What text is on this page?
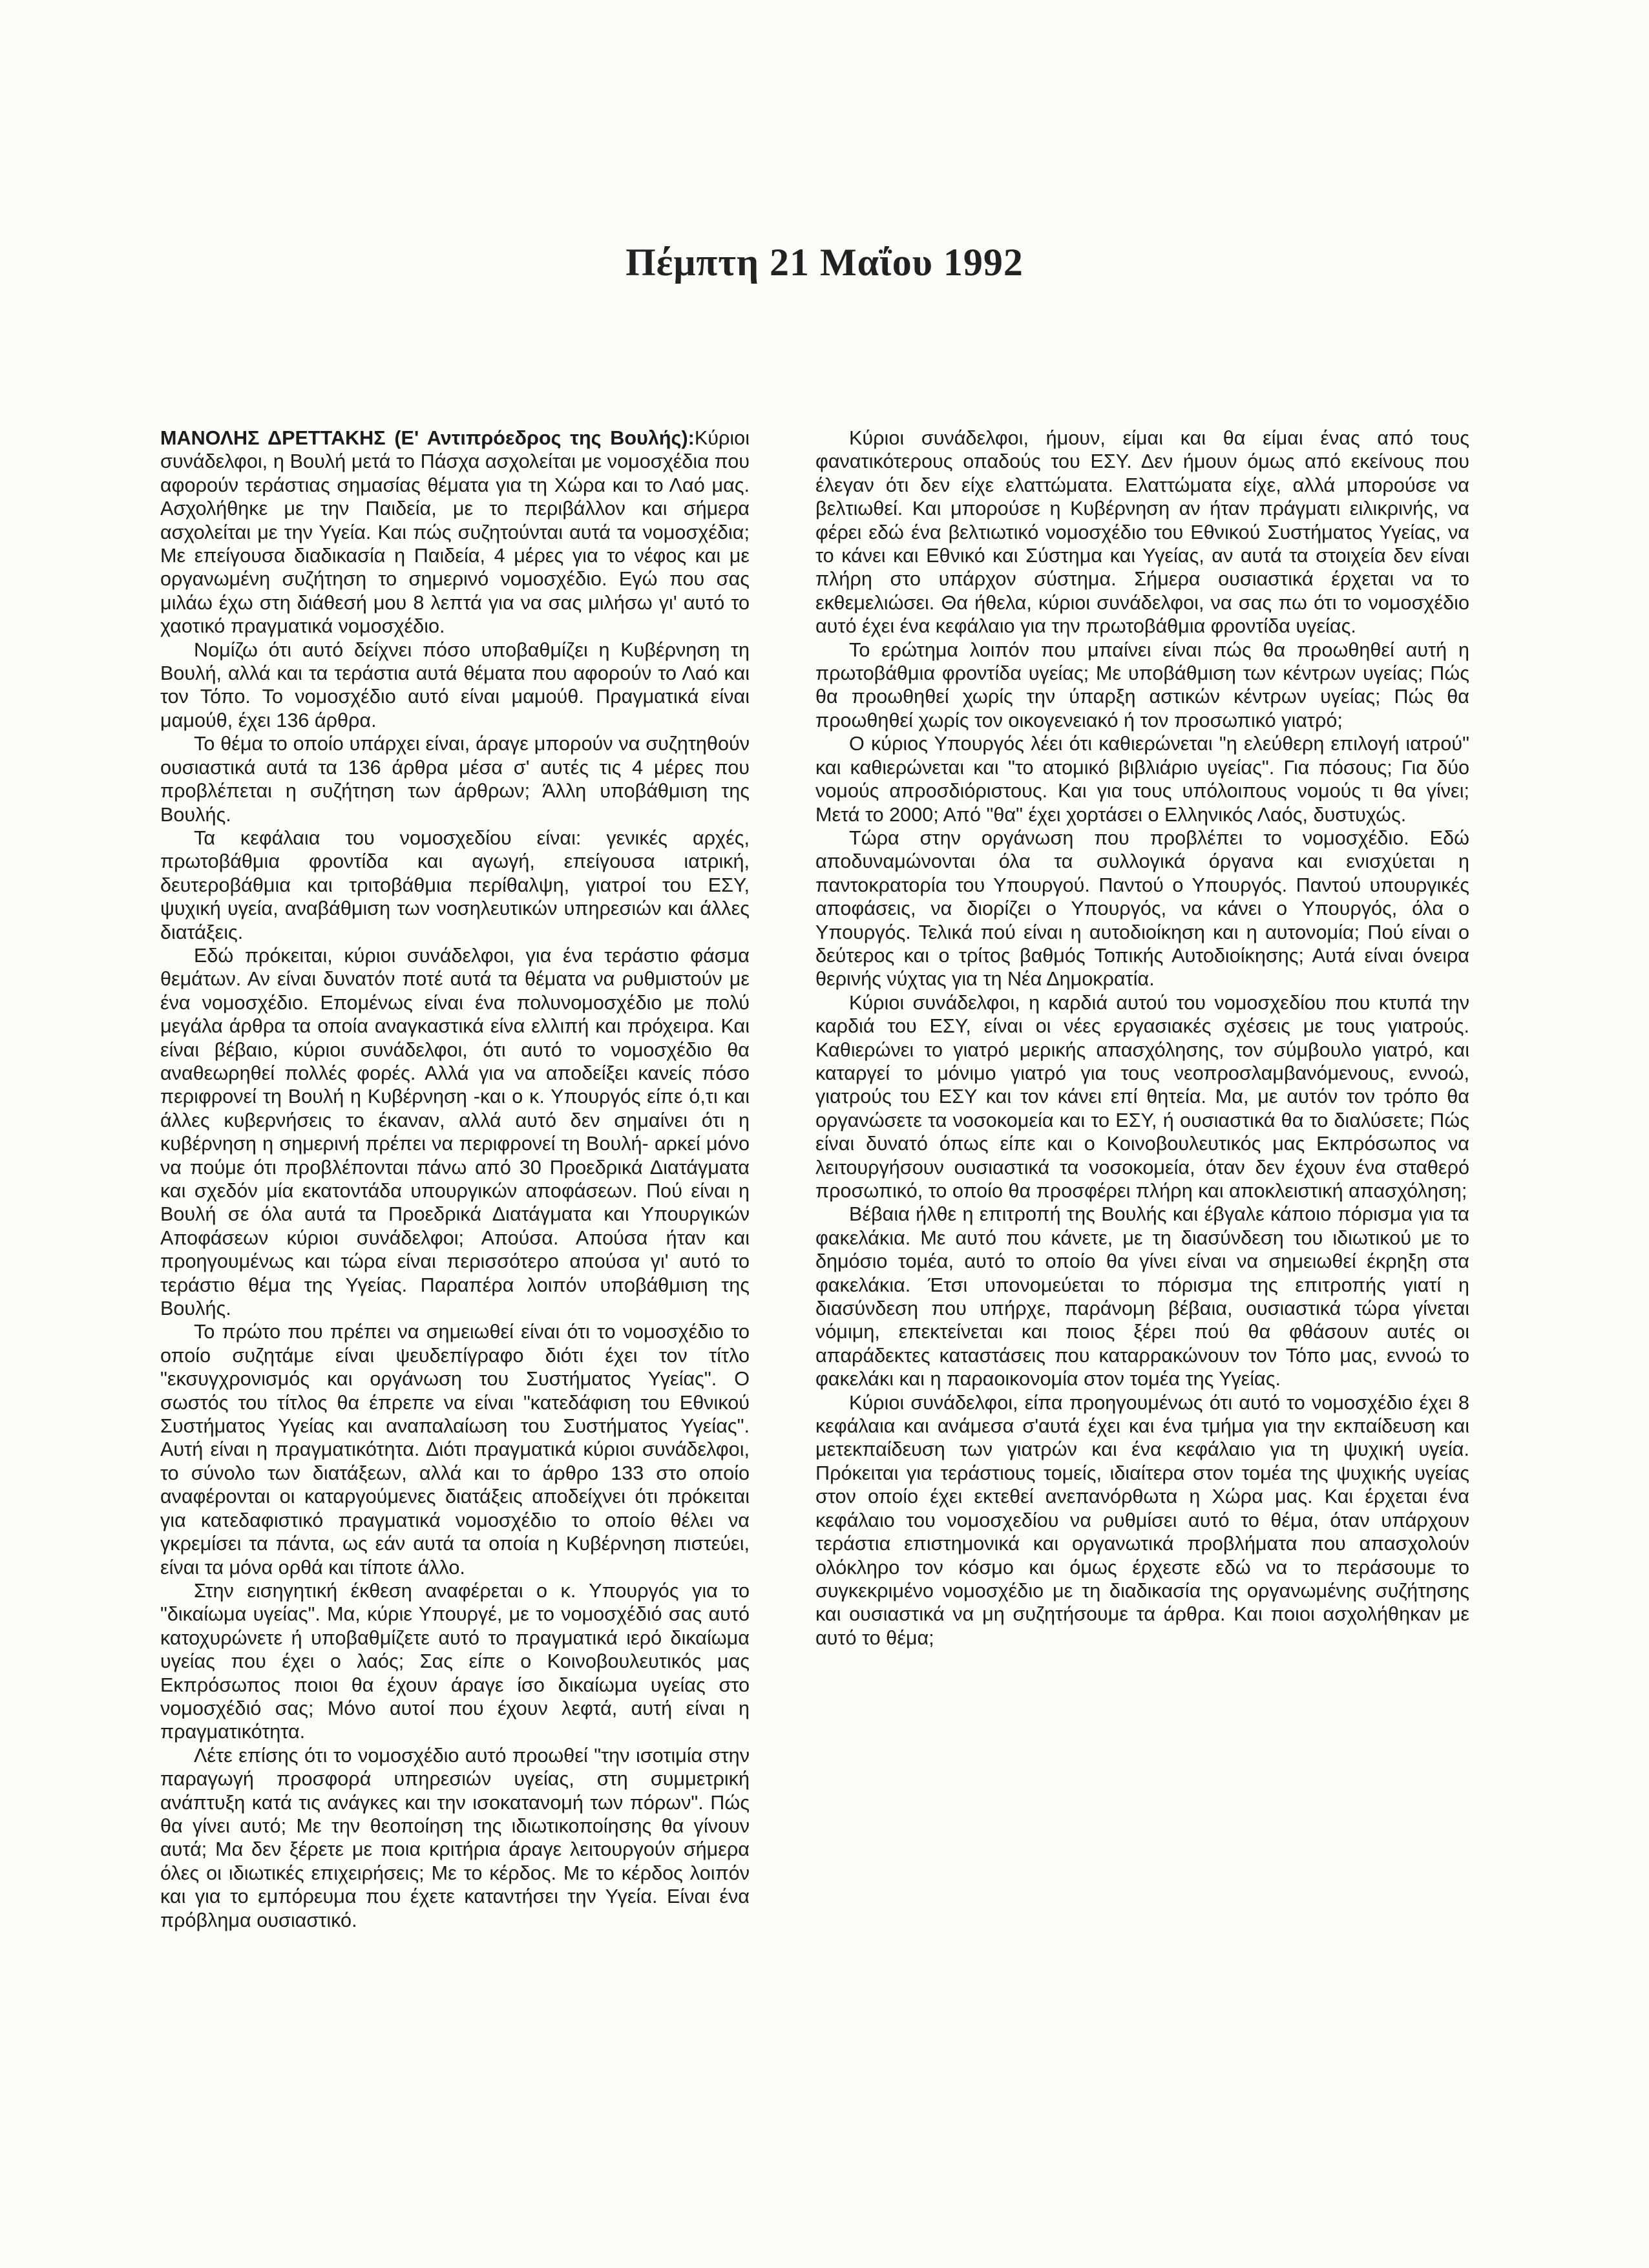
Πέμπτη 21 Μαΐου 1992

ΜΑΝΟΛΗΣ ΔΡΕΤΤΑΚΗΣ (Ε' Αντιπρόεδρος της Βουλής):Κύριοι συνάδελφοι, η Βουλή μετά το Πάσχα ασχολείται με νομοσχέδια που αφορούν τεράστιας σημασίας θέματα για τη Χώρα και το Λαό μας. Ασχολήθηκε με την Παιδεία, με το περιβάλλον και σήμερα ασχολείται με την Υγεία. Και πώς συζητούνται αυτά τα νομοσχέδια; Με επείγουσα διαδικασία η Παιδεία, 4 μέρες για το νέφος και με οργανωμένη συζήτηση το σημερινό νομοσχέδιο. Εγώ που σας μιλάω έχω στη διάθεσή μου 8 λεπτά για να σας μιλήσω γι' αυτό το χαοτικό πραγματικά νομοσχέδιο.

Νομίζω ότι αυτό δείχνει πόσο υποβαθμίζει η Κυβέρνηση τη Βουλή, αλλά και τα τεράστια αυτά θέματα που αφορούν το Λαό και τον Τόπο. Το νομοσχέδιο αυτό είναι μαμούθ. Πραγματικά είναι μαμούθ, έχει 136 άρθρα.

Το θέμα το οποίο υπάρχει είναι, άραγε μπορούν να συζητηθούν ουσιαστικά αυτά τα 136 άρθρα μέσα σ' αυτές τις 4 μέρες που προβλέπεται η συζήτηση των άρθρων; Άλλη υποβάθμιση της Βουλής.

Τα κεφάλαια του νομοσχεδίου είναι: γενικές αρχές, πρωτοβάθμια φροντίδα και αγωγή, επείγουσα ιατρική, δευτεροβάθμια και τριτοβάθμια περίθαλψη, γιατροί του ΕΣΥ, ψυχική υγεία, αναβάθμιση των νοσηλευτικών υπηρεσιών και άλλες διατάξεις.

Εδώ πρόκειται, κύριοι συνάδελφοι, για ένα τεράστιο φάσμα θεμάτων. Αν είναι δυνατόν ποτέ αυτά τα θέματα να ρυθμιστούν με ένα νομοσχέδιο. Επομένως είναι ένα πολυνομοσχέδιο με πολύ μεγάλα άρθρα τα οποία αναγκαστικά είνα ελλιπή και πρόχειρα. Και είναι βέβαιο, κύριοι συνάδελφοι, ότι αυτό το νομοσχέδιο θα αναθεωρηθεί πολλές φορές. Αλλά για να αποδείξει κανείς πόσο περιφρονεί τη Βουλή η Κυβέρνηση -και ο κ. Υπουργός είπε ό,τι και άλλες κυβερνήσεις το έκαναν, αλλά αυτό δεν σημαίνει ότι η κυβέρνηση η σημερινή πρέπει να περιφρονεί τη Βουλή- αρκεί μόνο να πούμε ότι προβλέπονται πάνω από 30 Προεδρικά Διατάγματα και σχεδόν μία εκατοντάδα υπουργικών αποφάσεων. Πού είναι η Βουλή σε όλα αυτά τα Προεδρικά Διατάγματα και Υπουργικών Αποφάσεων κύριοι συνάδελφοι; Απούσα. Απούσα ήταν και προηγουμένως και τώρα είναι περισσότερο απούσα γι' αυτό το τεράστιο θέμα της Υγείας. Παραπέρα λοιπόν υποβάθμιση της Βουλής.

Το πρώτο που πρέπει να σημειωθεί είναι ότι το νομοσχέδιο το οποίο συζητάμε είναι ψευδεπίγραφο διότι έχει τον τίτλο "εκσυγχρονισμός και οργάνωση του Συστήματος Υγείας". Ο σωστός του τίτλος θα έπρεπε να είναι "κατεδάφιση του Εθνικού Συστήματος Υγείας και αναπαλαίωση του Συστήματος Υγείας". Αυτή είναι η πραγματικότητα. Διότι πραγματικά κύριοι συνάδελφοι, το σύνολο των διατάξεων, αλλά και το άρθρο 133 στο οποίο αναφέρονται οι καταργούμενες διατάξεις αποδείχνει ότι πρόκειται για κατεδαφιστικό πραγματικά νομοσχέδιο το οποίο θέλει να γκρεμίσει τα πάντα, ως εάν αυτά τα οποία η Κυβέρνηση πιστεύει, είναι τα μόνα ορθά και τίποτε άλλο.

Στην εισηγητική έκθεση αναφέρεται ο κ. Υπουργός για το "δικαίωμα υγείας". Μα, κύριε Υπουργέ, με το νομοσχέδιό σας αυτό κατοχυρώνετε ή υποβαθμίζετε αυτό το πραγματικά ιερό δικαίωμα υγείας που έχει ο λαός; Σας είπε ο Κοινοβουλευτικός μας Εκπρόσωπος ποιοι θα έχουν άραγε ίσο δικαίωμα υγείας στο νομοσχέδιό σας; Μόνο αυτοί που έχουν λεφτά, αυτή είναι η πραγματικότητα.

Λέτε επίσης ότι το νομοσχέδιο αυτό προωθεί "την ισοτιμία στην παραγωγή προσφορά υπηρεσιών υγείας, στη συμμετρική ανάπτυξη κατά τις ανάγκες και την ισοκατανομή των πόρων". Πώς θα γίνει αυτό; Με την θεοποίηση της ιδιωτικοποίησης θα γίνουν αυτά; Μα δεν ξέρετε με ποια κριτήρια άραγε λειτουργούν σήμερα όλες οι ιδιωτικές επιχειρήσεις; Με το κέρδος. Με το κέρδος λοιπόν και για το εμπόρευμα που έχετε καταντήσει την Υγεία. Είναι ένα πρόβλημα ουσιαστικό.

Κύριοι συνάδελφοι, ήμουν, είμαι και θα είμαι ένας από τους φανατικότερους οπαδούς του ΕΣΥ. Δεν ήμουν όμως από εκείνους που έλεγαν ότι δεν είχε ελαττώματα. Ελαττώματα είχε, αλλά μπορούσε να βελτιωθεί. Και μπορούσε η Κυβέρνηση αν ήταν πράγματι ειλικρινής, να φέρει εδώ ένα βελτιωτικό νομοσχέδιο του Εθνικού Συστήματος Υγείας, να το κάνει και Εθνικό και Σύστημα και Υγείας, αν αυτά τα στοιχεία δεν είναι πλήρη στο υπάρχον σύστημα. Σήμερα ουσιαστικά έρχεται να το εκθεμελιώσει. Θα ήθελα, κύριοι συνάδελφοι, να σας πω ότι το νομοσχέδιο αυτό έχει ένα κεφάλαιο για την πρωτοβάθμια φροντίδα υγείας.

Το ερώτημα λοιπόν που μπαίνει είναι πώς θα προωθηθεί αυτή η πρωτοβάθμια φροντίδα υγείας; Με υποβάθμιση των κέντρων υγείας; Πώς θα προωθηθεί χωρίς την ύπαρξη αστικών κέντρων υγείας; Πώς θα προωθηθεί χωρίς τον οικογενειακό ή τον προσωπικό γιατρό;

Ο κύριος Υπουργός λέει ότι καθιερώνεται "η ελεύθερη επιλογή ιατρού" και καθιερώνεται και "το ατομικό βιβλιάριο υγείας". Για πόσους; Για δύο νομούς απροσδιόριστους. Και για τους υπόλοιπους νομούς τι θα γίνει; Μετά το 2000; Από "θα" έχει χορτάσει ο Ελληνικός Λαός, δυστυχώς.

Τώρα στην οργάνωση που προβλέπει το νομοσχέδιο. Εδώ αποδυναμώνονται όλα τα συλλογικά όργανα και ενισχύεται η παντοκρατορία του Υπουργού. Παντού ο Υπουργός. Παντού υπουργικές αποφάσεις, να διορίζει ο Υπουργός, να κάνει ο Υπουργός, όλα ο Υπουργός. Τελικά πού είναι η αυτοδιοίκηση και η αυτονομία; Πού είναι ο δεύτερος και ο τρίτος βαθμός Τοπικής Αυτοδιοίκησης; Αυτά είναι όνειρα θερινής νύχτας για τη Νέα Δημοκρατία.

Κύριοι συνάδελφοι, η καρδιά αυτού του νομοσχεδίου που κτυπά την καρδιά του ΕΣΥ, είναι οι νέες εργασιακές σχέσεις με τους γιατρούς. Καθιερώνει το γιατρό μερικής απασχόλησης, τον σύμβουλο γιατρό, και καταργεί το μόνιμο γιατρό για τους νεοπροσλαμβανόμενους, εννοώ, γιατρούς του ΕΣΥ και τον κάνει επί θητεία. Μα, με αυτόν τον τρόπο θα οργανώσετε τα νοσοκομεία και το ΕΣΥ, ή ουσιαστικά θα το διαλύσετε; Πώς είναι δυνατό όπως είπε και ο Κοινοβουλευτικός μας Εκπρόσωπος να λειτουργήσουν ουσιαστικά τα νοσοκομεία, όταν δεν έχουν ένα σταθερό προσωπικό, το οποίο θα προσφέρει πλήρη και αποκλειστική απασχόληση;

Βέβαια ήλθε η επιτροπή της Βουλής και έβγαλε κάποιο πόρισμα για τα φακελάκια. Με αυτό που κάνετε, με τη διασύνδεση του ιδιωτικού με το δημόσιο τομέα, αυτό το οποίο θα γίνει είναι να σημειωθεί έκρηξη στα φακελάκια. Έτσι υπονομεύεται το πόρισμα της επιτροπής γιατί η διασύνδεση που υπήρχε, παράνομη βέβαια, ουσιαστικά τώρα γίνεται νόμιμη, επεκτείνεται και ποιος ξέρει πού θα φθάσουν αυτές οι απαράδεκτες καταστάσεις που καταρρακώνουν τον Τόπο μας, εννοώ το φακελάκι και η παραοικονομία στον τομέα της Υγείας.

Κύριοι συνάδελφοι, είπα προηγουμένως ότι αυτό το νομοσχέδιο έχει 8 κεφάλαια και ανάμεσα σ'αυτά έχει και ένα τμήμα για την εκπαίδευση και μετεκπαίδευση των γιατρών και ένα κεφάλαιο για τη ψυχική υγεία. Πρόκειται για τεράστιους τομείς, ιδιαίτερα στον τομέα της ψυχικής υγείας στον οποίο έχει εκτεθεί ανεπανόρθωτα η Χώρα μας. Και έρχεται ένα κεφάλαιο του νομοσχεδίου να ρυθμίσει αυτό το θέμα, όταν υπάρχουν τεράστια επιστημονικά και οργανωτικά προβλήματα που απασχολούν ολόκληρο τον κόσμο και όμως έρχεστε εδώ να το περάσουμε το συγκεκριμένο νομοσχέδιο με τη διαδικασία της οργανωμένης συζήτησης και ουσιαστικά να μη συζητήσουμε τα άρθρα. Και ποιοι ασχολήθηκαν με αυτό το θέμα;
